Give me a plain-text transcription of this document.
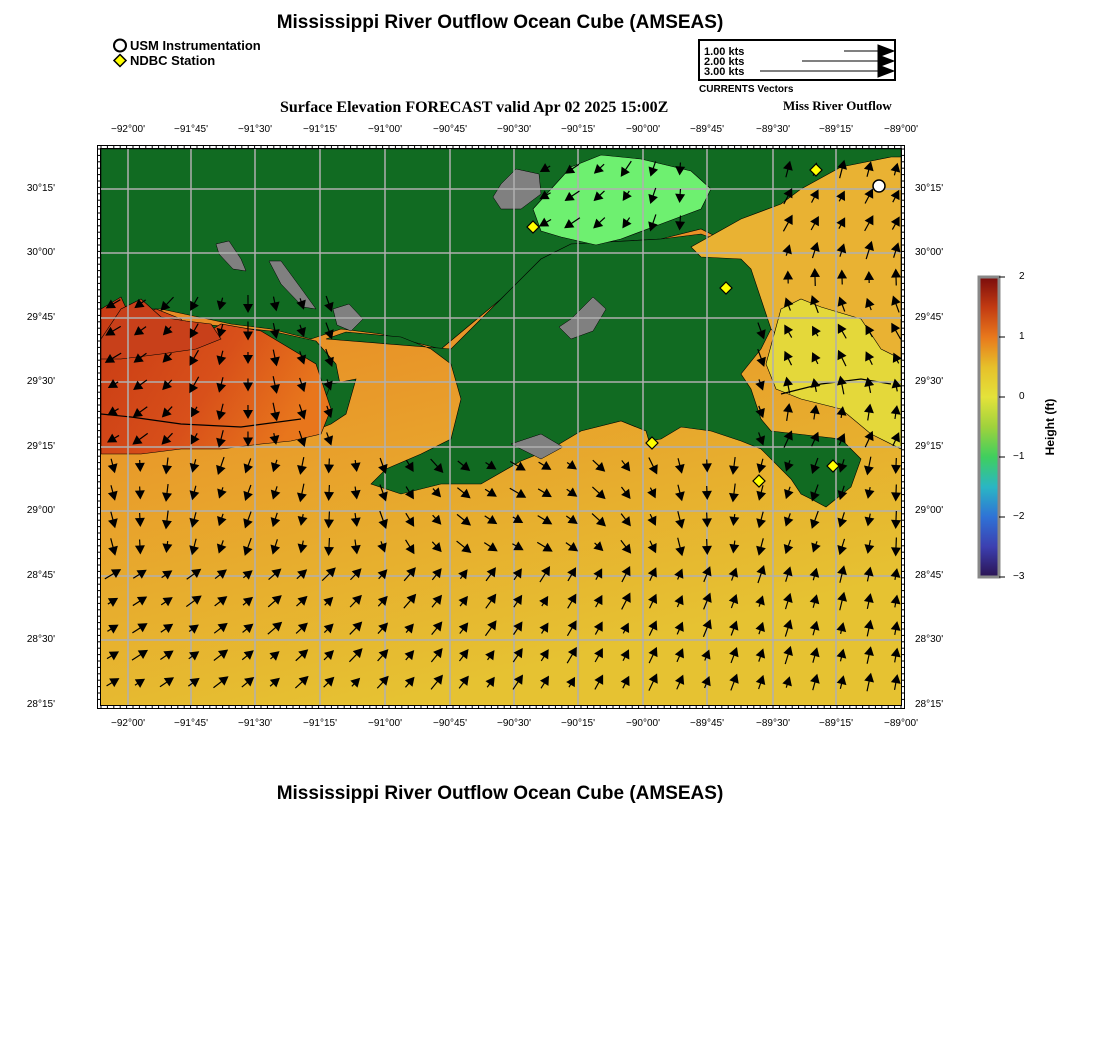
Mississippi River Outflow Ocean Cube (AMSEAS)
USM Instrumentation
NDBC Station
1.00 kts
2.00 kts
3.00 kts
CURRENTS Vectors
Surface Elevation FORECAST valid Apr 02 2025 15:00Z	Miss River Outflow
−92°00'	−91°45'	−91°30'	−91°15'	−91°00'	−90°45'	−90°30'	−90°15'	−90°00'	−89°45'	−89°30'	−89°15'	−89°00'
30°15'
30°00'
29°45'
29°30'
29°15'
29°00'
28°45'
28°30'
28°15'
30°15'
30°00'
29°45'
29°30'
29°15'
29°00'
28°45'
28°30'
28°15'
−92°00'	−91°45'	−91°30'	−91°15'	−91°00'	−90°45'	−90°30'	−90°15'	−90°00'	−89°45'	−89°30'	−89°15'	−89°00'
2
1
0
−1
−2
−3
Height (ft)
Mississippi River Outflow Ocean Cube (AMSEAS)
